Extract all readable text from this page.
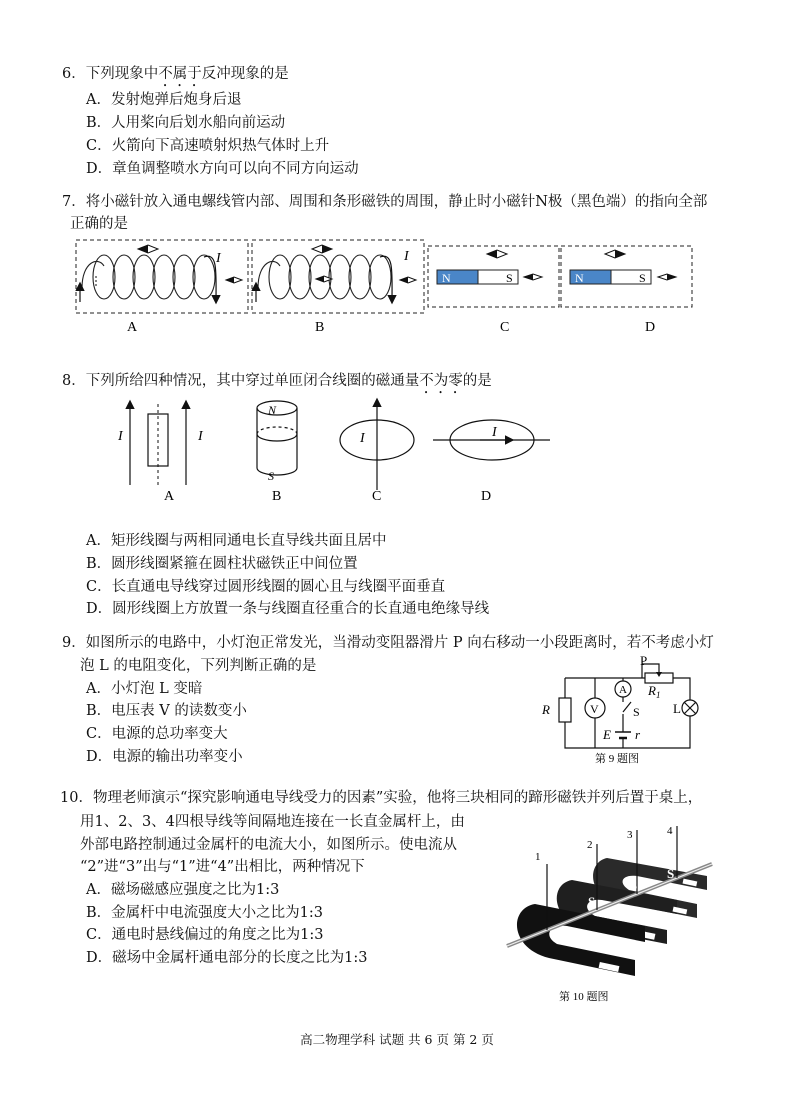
6．下列现象中不属于反冲现象的是
A．发射炮弹后炮身后退
B．人用桨向后划水船向前运动
C．火箭向下高速喷射炽热气体时上升
D．章鱼调整喷水方向可以向不同方向运动
7．将小磁针放入通电螺线管内部、周围和条形磁铁的周围，静止时小磁针N极（黑色端）的指向全部
正确的是
I	I
N	S	N	S
A	B	C	D
8．下列所给四种情况，其中穿过单匝闭合线圈的磁通量不为零的是
I	I
N
S
I	I
A	B	C	D
A．矩形线圈与两相同通电长直导线共面且居中
B．圆形线圈紧箍在圆柱状磁铁正中间位置
C．长直通电导线穿过圆形线圈的圆心且与线圈平面垂直
D．圆形线圈上方放置一条与线圈直径重合的长直通电绝缘导线
9．如图所示的电路中，小灯泡正常发光，当滑动变阻器滑片 P 向右移动一小段距离时，若不考虑小灯
泡 L 的电阻变化，下列判断正确的是
A．小灯泡 L 变暗
B．电压表 V 的读数变小
C．电源的总功率变大
D．电源的输出功率变小
P
$R_1$
R	V
A
S
E r
L
第 9 题图
10．物理老师演示“探究影响通电导线受力的因素”实验，他将三块相同的蹄形磁铁并列后置于桌上，
用1、2、3、4四根导线等间隔地连接在一长直金属杆上，由
外部电路控制通过金属杆的电流大小，如图所示。使电流从
“2”进“3”出与“1”进“4”出相比，两种情况下
A．磁场磁感应强度之比为1:3
B．金属杆中电流强度大小之比为1:3
C．通电时悬线偏过的角度之比为1:3
D．磁场中金属杆通电部分的长度之比为1:3
1
2
3	4
S
S
S
第 10 题图
高二物理学科 试题 共 6 页 第 2 页
